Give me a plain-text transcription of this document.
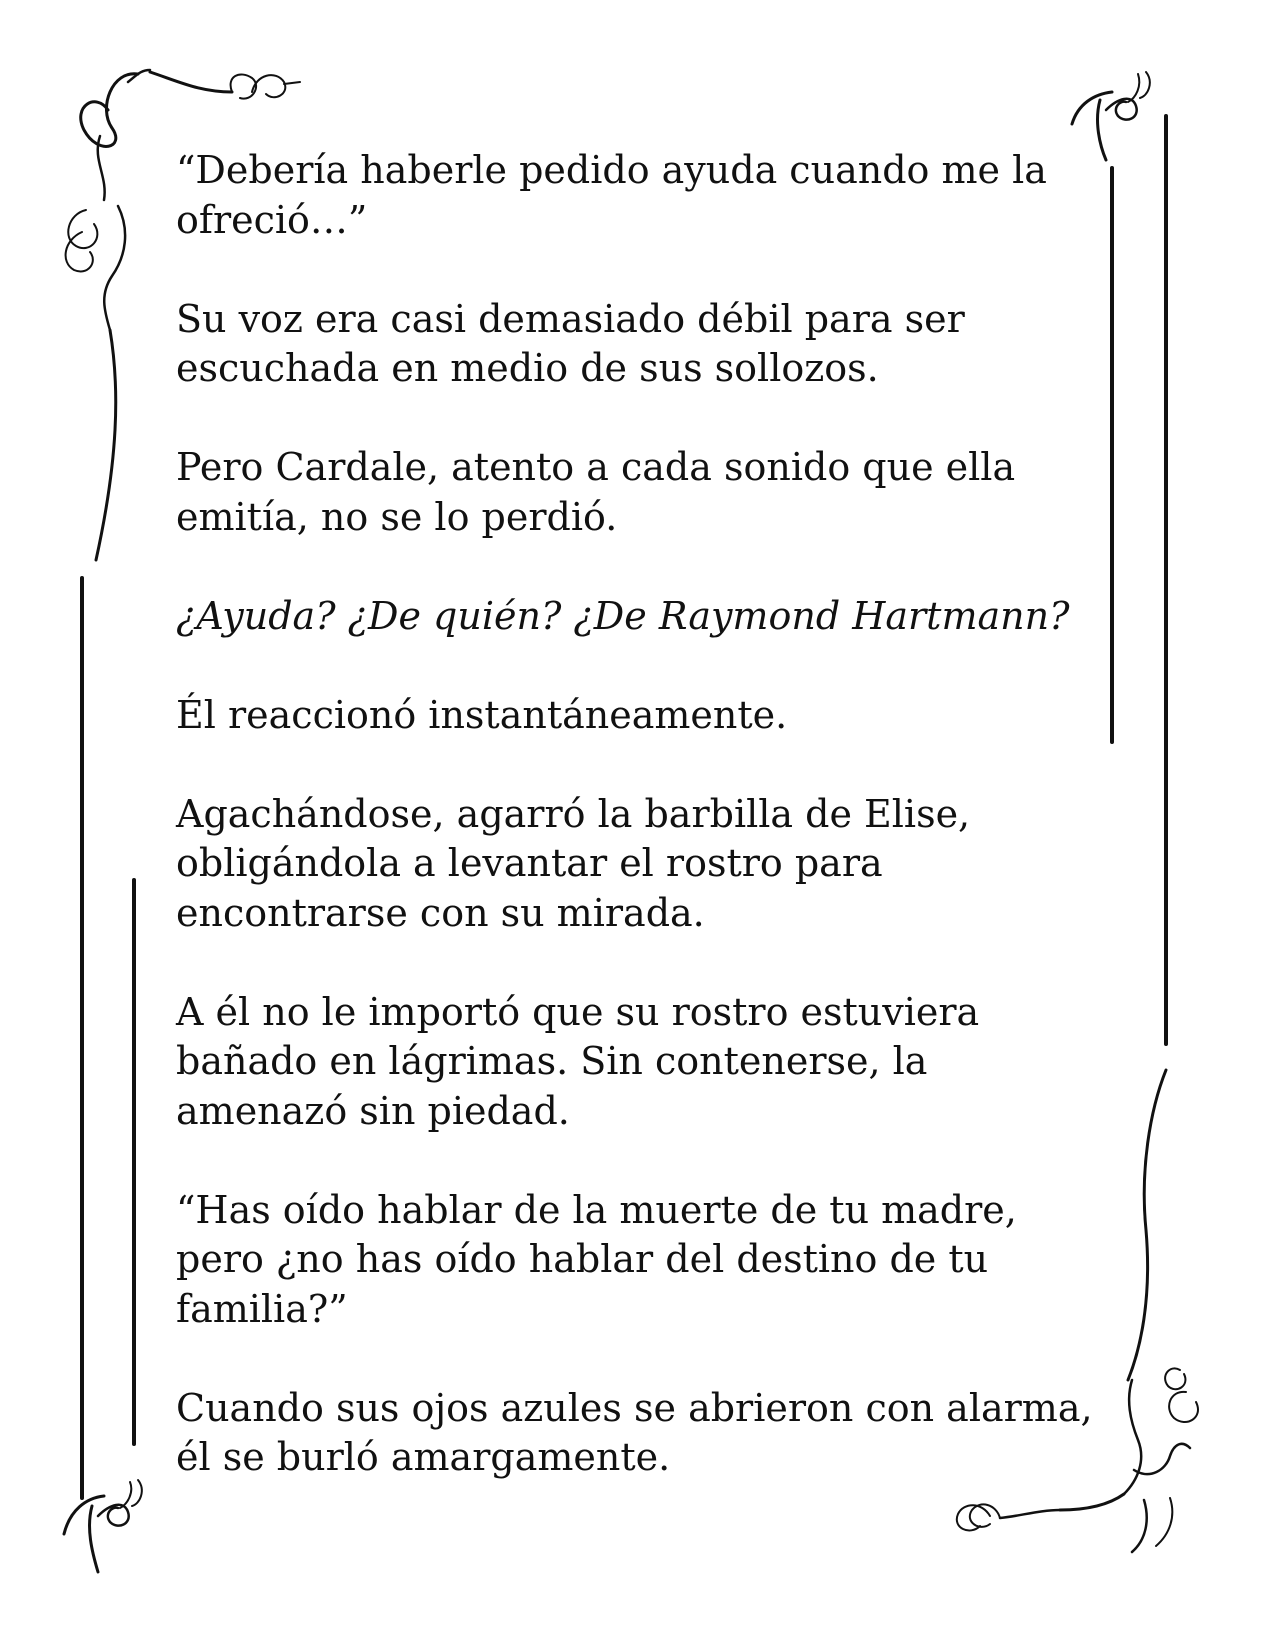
“Debería haberle pedido ayuda cuando me la
ofreció…”

Su voz era casi demasiado débil para ser
escuchada en medio de sus sollozos.

Pero Cardale, atento a cada sonido que ella
emitía, no se lo perdió.

¿Ayuda? ¿De quién? ¿De Raymond Hartmann?

Él reaccionó instantáneamente.

Agachándose, agarró la barbilla de Elise,
obligándola a levantar el rostro para
encontrarse con su mirada.

A él no le importó que su rostro estuviera
bañado en lágrimas. Sin contenerse, la
amenazó sin piedad.

“Has oído hablar de la muerte de tu madre,
pero ¿no has oído hablar del destino de tu
familia?”

Cuando sus ojos azules se abrieron con alarma,
él se burló amargamente.
